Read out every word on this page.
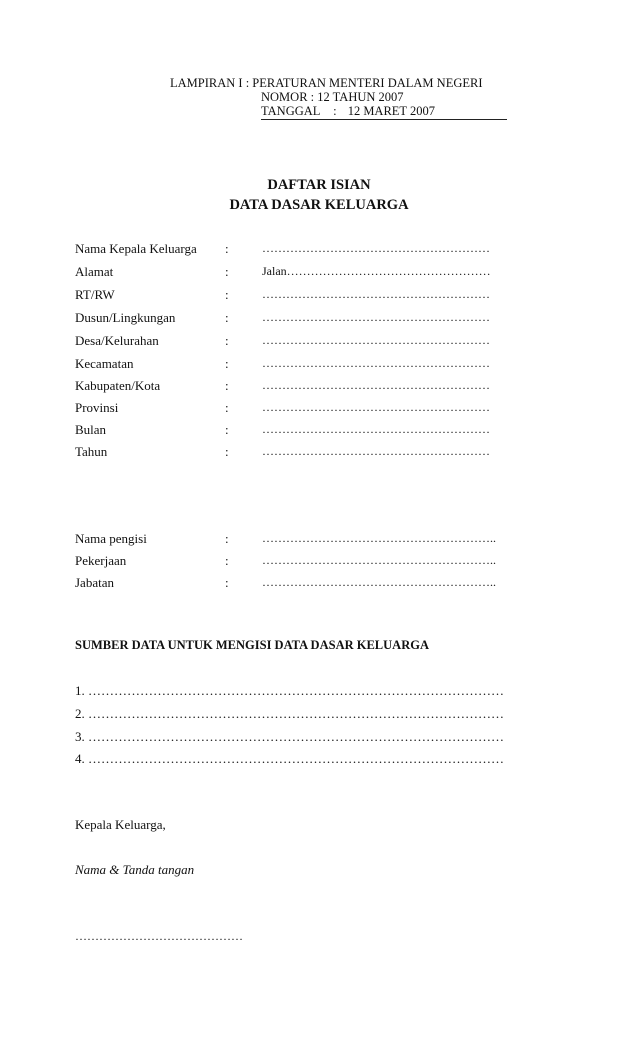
LAMPIRAN I : PERATURAN MENTERI DALAM NEGERI
NOMOR : 12 TAHUN 2007
TANGGAL : 12 MARET 2007
DAFTAR ISIAN
DATA DASAR KELUARGA
Nama Kepala Keluarga :	…………………………………………………
Alamat	:	Jalan……………………………………………
RT/RW	:	…………………………………………………
Dusun/Lingkungan	:	…………………………………………………
Desa/Kelurahan	:	…………………………………………………
Kecamatan	:	…………………………………………………
Kabupaten/Kota	:	…………………………………………………
Provinsi	:	…………………………………………………
Bulan	:	…………………………………………………
Tahun	:	…………………………………………………
Nama pengisi	:	…………………………………………………..
Pekerjaan	:	…………………………………………………..
Jabatan	:	…………………………………………………..
SUMBER DATA UNTUK MENGISI DATA DASAR KELUARGA
1. ……………………………………………………………………………………
2. ……………………………………………………………………………………
3. ……………………………………………………………………………………
4. ……………………………………………………………………………………
Kepala Keluarga,
Nama & Tanda tangan
……………………………………
